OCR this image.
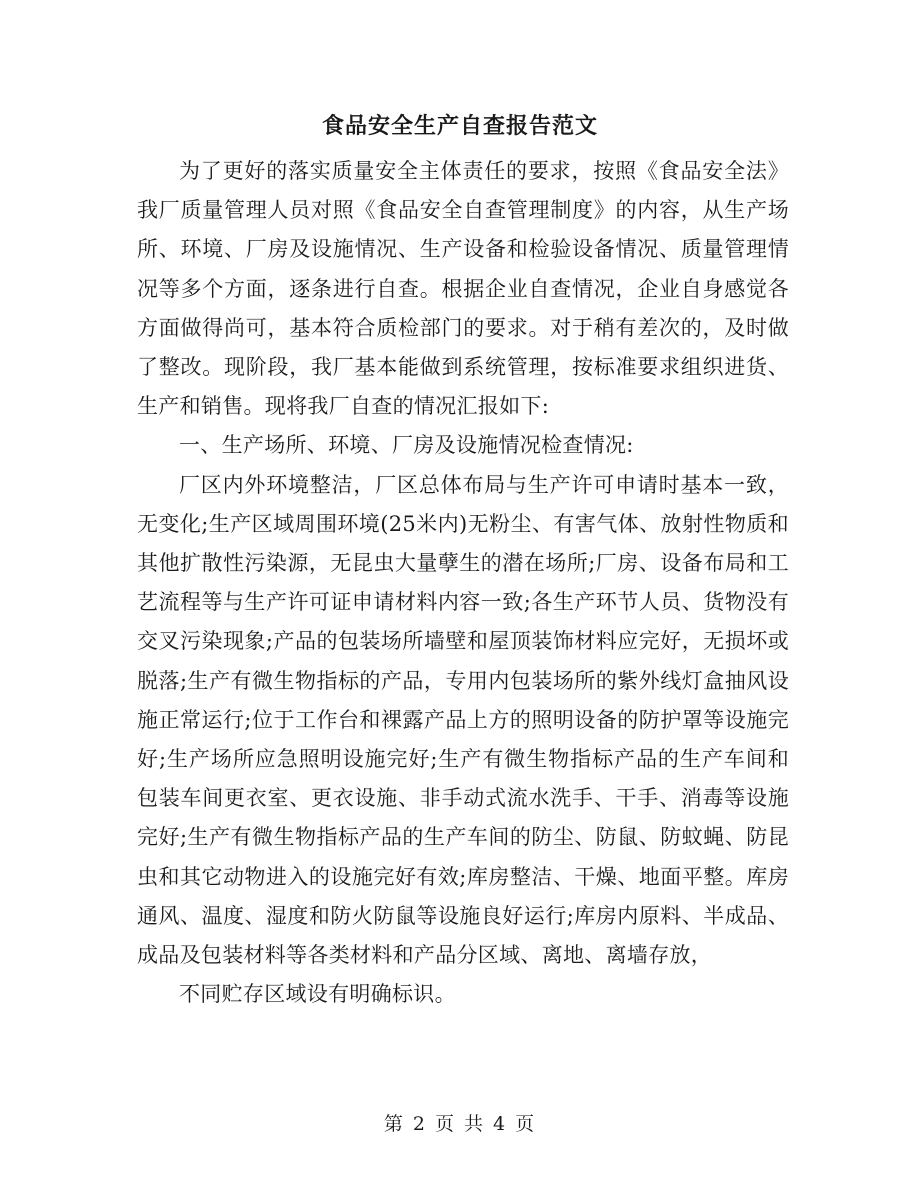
食品安全生产自查报告范文

为了更好的落实质量安全主体责任的要求，按照《食品安全法》我厂质量管理人员对照《食品安全自查管理制度》的内容，从生产场所、环境、厂房及设施情况、生产设备和检验设备情况、质量管理情况等多个方面，逐条进行自查。根据企业自查情况，企业自身感觉各方面做得尚可，基本符合质检部门的要求。对于稍有差次的，及时做了整改。现阶段，我厂基本能做到系统管理，按标准要求组织进货、生产和销售。现将我厂自查的情况汇报如下:

一、生产场所、环境、厂房及设施情况检查情况:

厂区内外环境整洁，厂区总体布局与生产许可申请时基本一致，无变化;生产区域周围环境(25米内)无粉尘、有害气体、放射性物质和其他扩散性污染源，无昆虫大量孽生的潜在场所;厂房、设备布局和工艺流程等与生产许可证申请材料内容一致;各生产环节人员、货物没有交叉污染现象;产品的包装场所墙壁和屋顶装饰材料应完好，无损坏或脱落;生产有微生物指标的产品，专用内包装场所的紫外线灯盒抽风设施正常运行;位于工作台和裸露产品上方的照明设备的防护罩等设施完好;生产场所应急照明设施完好;生产有微生物指标产品的生产车间和包装车间更衣室、更衣设施、非手动式流水洗手、干手、消毒等设施完好;生产有微生物指标产品的生产车间的防尘、防鼠、防蚊蝇、防昆虫和其它动物进入的设施完好有效;库房整洁、干燥、地面平整。库房通风、温度、湿度和防火防鼠等设施良好运行;库房内原料、半成品、成品及包装材料等各类材料和产品分区域、离地、离墙存放，

不同贮存区域设有明确标识。

第 2 页 共 4 页
